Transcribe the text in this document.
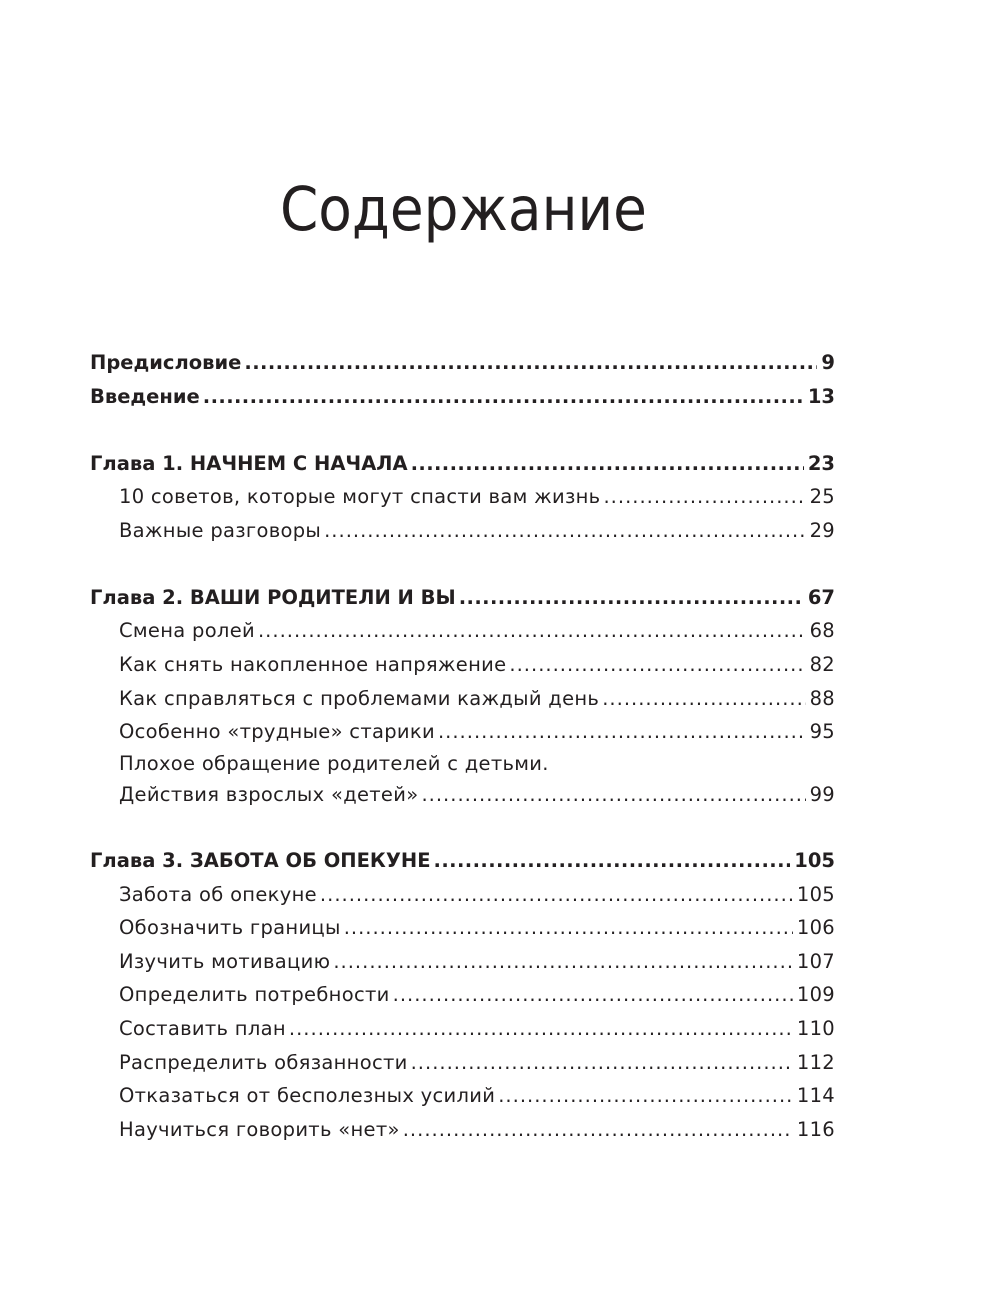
Содержание
Предисловие .....	9
Введение .....	13
Глава 1. НАЧНЕМ С НАЧАЛА .....	23
10 советов, которые могут спасти вам жизнь .....	25
Важные разговоры .....	29
Глава 2. ВАШИ РОДИТЕЛИ И ВЫ .....	67
Смена ролей .....	68
Как снять накопленное напряжение .....	82
Как справляться с проблемами каждый день .....	88
Особенно «трудные» старики .....	95
Плохое обращение родителей с детьми.
Действия взрослых «детей» .....	99
Глава 3. ЗАБОТА ОБ ОПЕКУНЕ .....	105
Забота об опекуне .....	105
Обозначить границы .....	106
Изучить мотивацию .....	107
Определить потребности .....	109
Составить план .....	110
Распределить обязанности .....	112
Отказаться от бесполезных усилий .....	114
Научиться говорить «нет» .....	116
